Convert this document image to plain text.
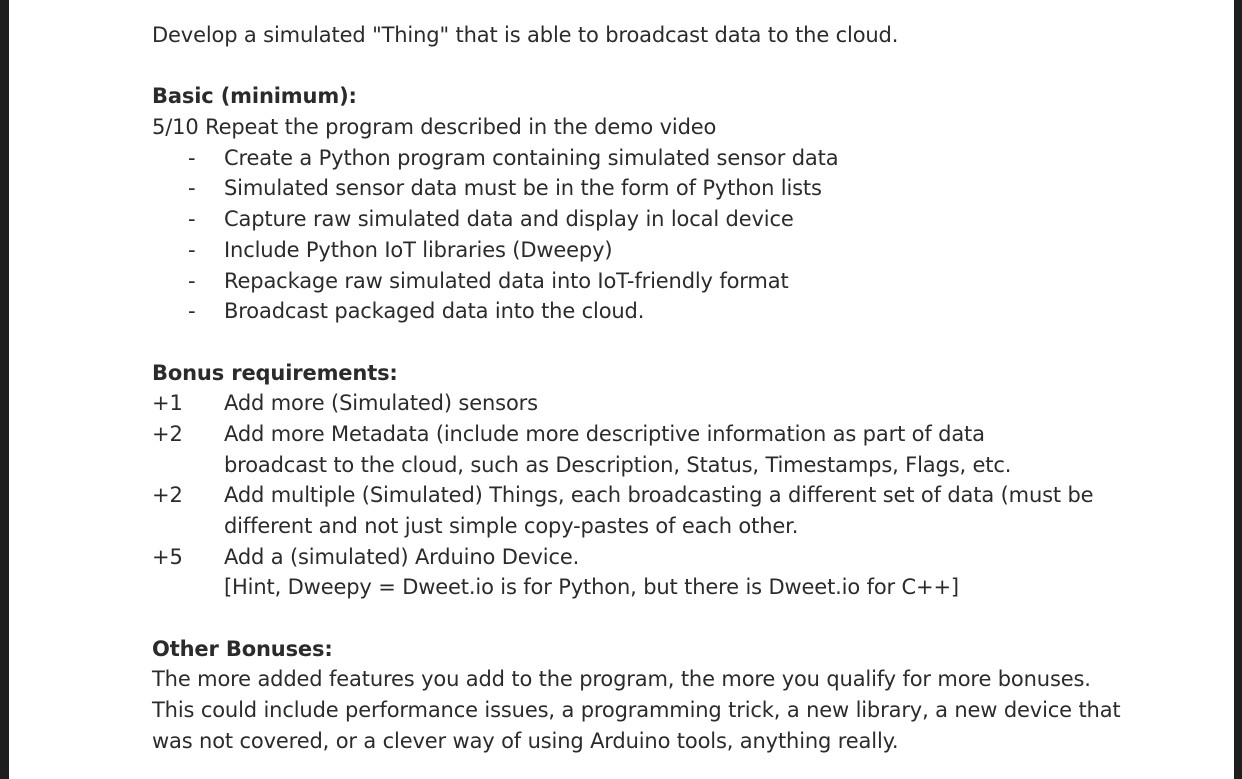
Develop a simulated "Thing" that is able to broadcast data to the cloud.
Basic (minimum):
5/10 Repeat the program described in the demo video
-	Create a Python program containing simulated sensor data
-	Simulated sensor data must be in the form of Python lists
-	Capture raw simulated data and display in local device
-	Include Python IoT libraries (Dweepy)
-	Repackage raw simulated data into IoT-friendly format
-	Broadcast packaged data into the cloud.
Bonus requirements:
+1	Add more (Simulated) sensors
+2	Add more Metadata (include more descriptive information as part of data
broadcast to the cloud, such as Description, Status, Timestamps, Flags, etc.
+2	Add multiple (Simulated) Things, each broadcasting a different set of data (must be
different and not just simple copy-pastes of each other.
+5	Add a (simulated) Arduino Device.
[Hint, Dweepy = Dweet.io is for Python, but there is Dweet.io for C++]
Other Bonuses:
The more added features you add to the program, the more you qualify for more bonuses.
This could include performance issues, a programming trick, a new library, a new device that
was not covered, or a clever way of using Arduino tools, anything really.
